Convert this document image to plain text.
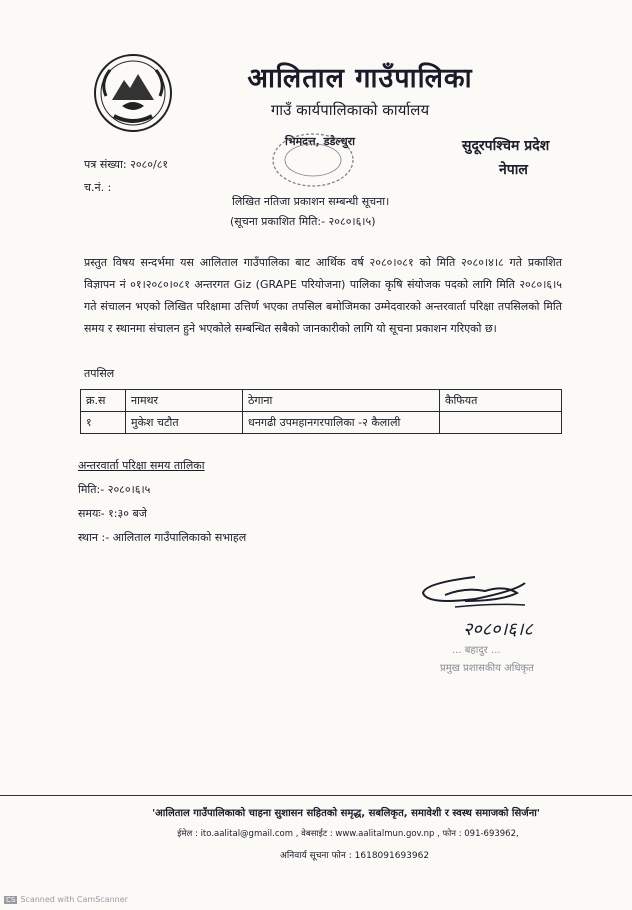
आलिताल गाउँपालिका
गाउँ कार्यपालिकाको कार्यालय
भिमदत्त, डडेल्धुरा	सुदूरपश्चिम प्रदेश
नेपाल
पत्र संख्या: २०८०/८१
च.नं. :
लिखित नतिजा प्रकाशन सम्बन्धी सूचना।
(सूचना प्रकाशित मिति:- २०८०।६।५)
प्रस्तुत विषय सन्दर्भमा यस आलिताल गाउँपालिका बाट आर्थिक वर्ष २०८०।०८१ को मिति २०८०।४।८ गते प्रकाशित विज्ञापन नं ०१।२०८०।०८१ अन्तरगत Giz (GRAPE परियोजना) पालिका कृषि संयोजक पदको लागि मिति २०८०।६।५ गते संचालन भएको लिखित परिक्षामा उत्तिर्ण भएका तपसिल बमोजिमका उम्मेदवारको अन्तरवार्ता परिक्षा तपसिलको मिति समय र स्थानमा संचालन हुने भएकोले सम्बन्धित सबैको जानकारीको लागि यो सूचना प्रकाशन गरिएको छ।
तपसिल
क्र.स	नामथर	ठेगाना	कैफियत
१	मुकेश चटौत	धनगढी उपमहानगरपालिका -२ कैलाली	
अन्तरवार्ता परिक्षा समय तालिका
मिति:- २०८०।६।५
समयः- १:३० बजे
स्थान :- आलिताल गाउँपालिकाको सभाहल
२०८०।६।८
... बहादुर ...
प्रमुख प्रशासकीय अधिकृत
'आलिताल गाउँपालिकाको चाहना सुशासन सहितको समृद्ध, सबलिकृत, समावेशी र स्वस्थ समाजको सिर्जना'
ईमेल : ito.aalital@gmail.com , वेबसाईट : www.aalitalmun.gov.np , फोन : 091-693962,
अनिवार्य सूचना फोन : 1618091693962
CS Scanned with CamScanner
